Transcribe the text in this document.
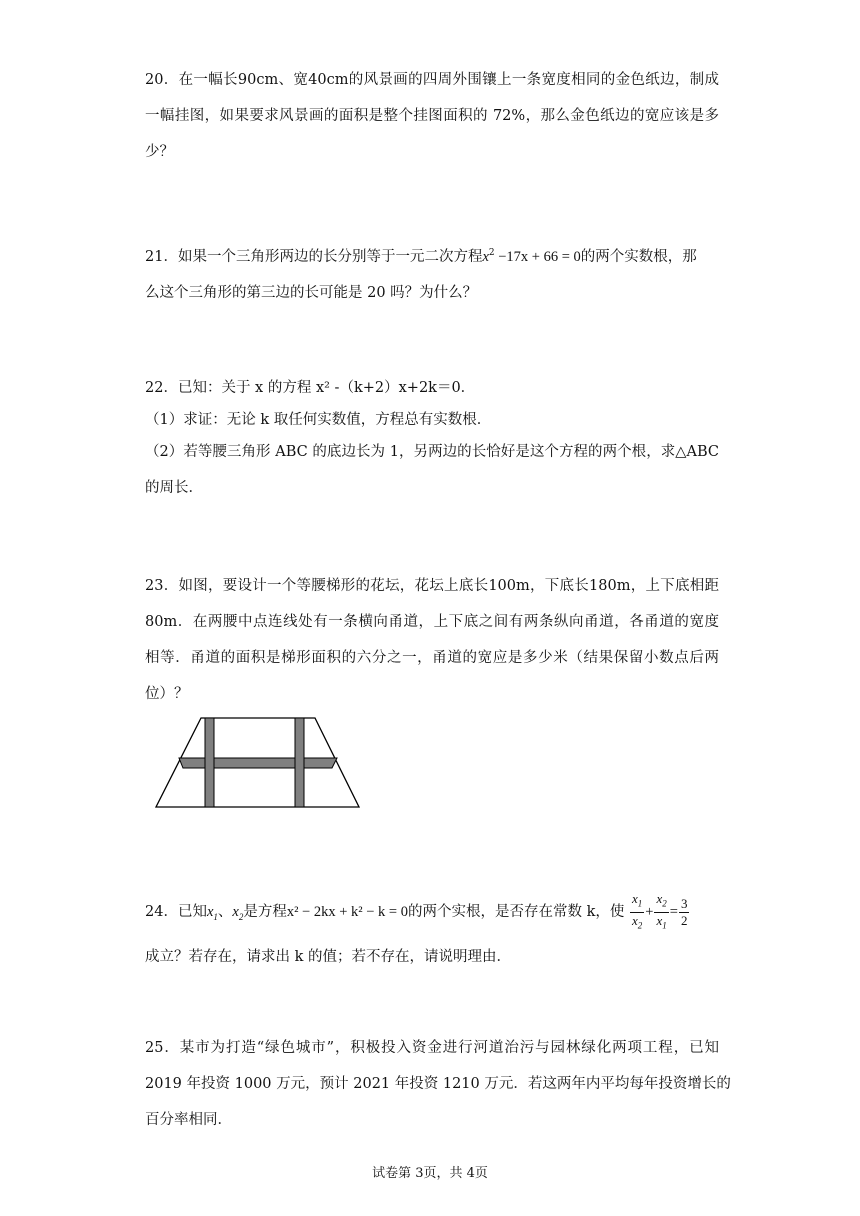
20．在一幅长90cm、宽40cm的风景画的四周外围镶上一条宽度相同的金色纸边，制成
一幅挂图，如果要求风景画的面积是整个挂图面积的 72%，那么金色纸边的宽应该是多
少？
21．如果一个三角形两边的长分别等于一元二次方程$x^2 -17x + 66 = 0$的两个实数根，那
么这个三角形的第三边的长可能是 20 吗？为什么？
22．已知：关于 x 的方程 x² -（k+2）x+2k＝0．
（1）求证：无论 k 取任何实数值，方程总有实数根．
（2）若等腰三角形 ABC 的底边长为 1，另两边的长恰好是这个方程的两个根，求△ABC
的周长．
23．如图，要设计一个等腰梯形的花坛，花坛上底长100m，下底长180m，上下底相距
80m．在两腰中点连线处有一条横向甬道，上下底之间有两条纵向甬道，各甬道的宽度
相等．甬道的面积是梯形面积的六分之一，甬道的宽应是多少米（结果保留小数点后两
位）？
24．已知$x_1$、$x_2$是方程x² − 2kx + k² − k = 0的两个实根，是否存在常数 k，使 $\frac{x_1}{x_2} + \frac{x_2}{x_1} = \frac{3}{2}$
成立？若存在，请求出 k 的值；若不存在，请说明理由．
25．某市为打造“绿色城市”，积极投入资金进行河道治污与园林绿化两项工程，已知
2019 年投资 1000 万元，预计 2021 年投资 1210 万元．若这两年内平均每年投资增长的
百分率相同．
试卷第 3页，共 4页
